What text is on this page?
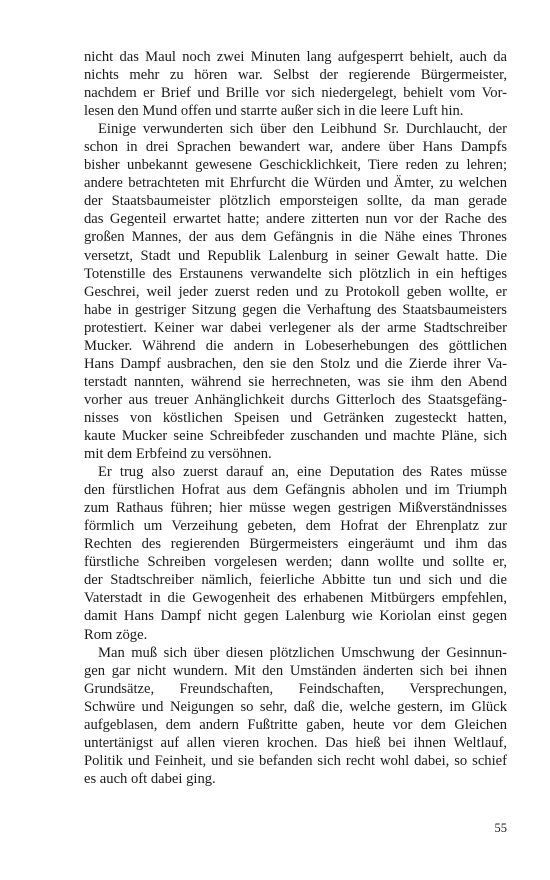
nicht das Maul noch zwei Minuten lang aufgesperrt behielt, auch da
nichts mehr zu hören war. Selbst der regierende Bürgermeister,
nachdem er Brief und Brille vor sich niedergelegt, behielt vom Vor-
lesen den Mund offen und starrte außer sich in die leere Luft hin.
Einige verwunderten sich über den Leibhund Sr. Durchlaucht, der
schon in drei Sprachen bewandert war, andere über Hans Dampfs
bisher unbekannt gewesene Geschicklichkeit, Tiere reden zu lehren;
andere betrachteten mit Ehrfurcht die Würden und Ämter, zu welchen
der Staatsbaumeister plötzlich emporsteigen sollte, da man gerade
das Gegenteil erwartet hatte; andere zitterten nun vor der Rache des
großen Mannes, der aus dem Gefängnis in die Nähe eines Thrones
versetzt, Stadt und Republik Lalenburg in seiner Gewalt hatte. Die
Totenstille des Erstaunens verwandelte sich plötzlich in ein heftiges
Geschrei, weil jeder zuerst reden und zu Protokoll geben wollte, er
habe in gestriger Sitzung gegen die Verhaftung des Staatsbaumeisters
protestiert. Keiner war dabei verlegener als der arme Stadtschreiber
Mucker. Während die andern in Lobeserhebungen des göttlichen
Hans Dampf ausbrachen, den sie den Stolz und die Zierde ihrer Va-
terstadt nannten, während sie herrechneten, was sie ihm den Abend
vorher aus treuer Anhänglichkeit durchs Gitterloch des Staatsgefäng-
nisses von köstlichen Speisen und Getränken zugesteckt hatten,
kaute Mucker seine Schreibfeder zuschanden und machte Pläne, sich
mit dem Erbfeind zu versöhnen.
Er trug also zuerst darauf an, eine Deputation des Rates müsse
den fürstlichen Hofrat aus dem Gefängnis abholen und im Triumph
zum Rathaus führen; hier müsse wegen gestrigen Mißverständnisses
förmlich um Verzeihung gebeten, dem Hofrat der Ehrenplatz zur
Rechten des regierenden Bürgermeisters eingeräumt und ihm das
fürstliche Schreiben vorgelesen werden; dann wollte und sollte er,
der Stadtschreiber nämlich, feierliche Abbitte tun und sich und die
Vaterstadt in die Gewogenheit des erhabenen Mitbürgers empfehlen,
damit Hans Dampf nicht gegen Lalenburg wie Koriolan einst gegen
Rom zöge.
Man muß sich über diesen plötzlichen Umschwung der Gesinnun-
gen gar nicht wundern. Mit den Umständen änderten sich bei ihnen
Grundsätze, Freundschaften, Feindschaften, Versprechungen,
Schwüre und Neigungen so sehr, daß die, welche gestern, im Glück
aufgeblasen, dem andern Fußtritte gaben, heute vor dem Gleichen
untertänigst auf allen vieren krochen. Das hieß bei ihnen Weltlauf,
Politik und Feinheit, und sie befanden sich recht wohl dabei, so schief
es auch oft dabei ging.
55
